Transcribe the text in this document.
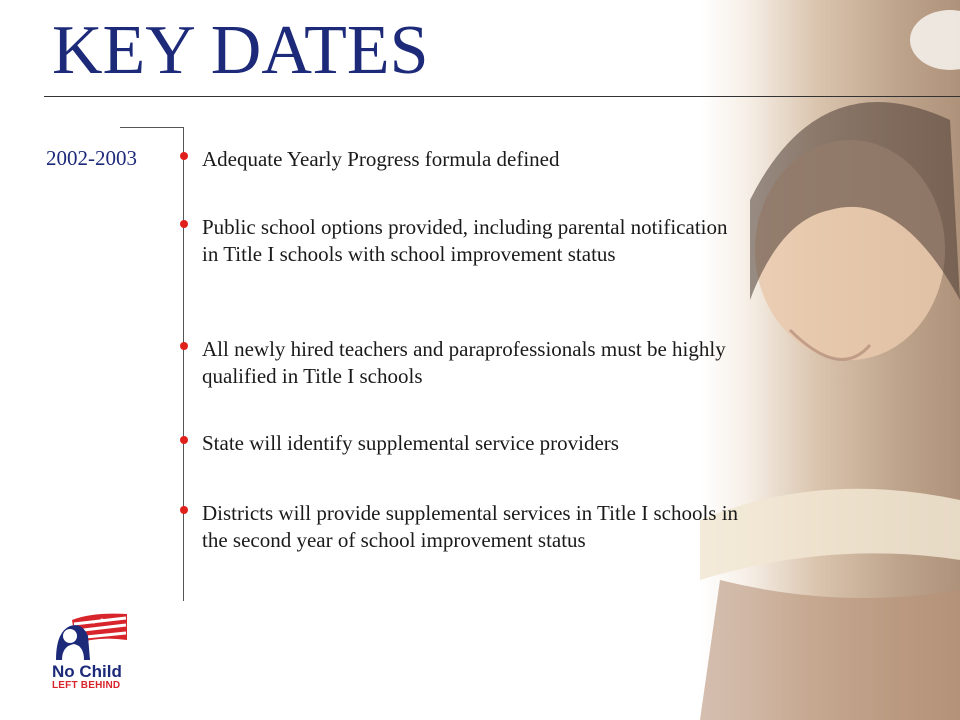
KEY DATES
2002-2003	Adequate Yearly Progress formula defined
Public school options provided, including parental notification in Title I schools with school improvement status
All newly hired teachers and paraprofessionals must be highly qualified in Title I schools
State will identify supplemental service providers
Districts will provide supplemental services in Title I schools in the second year of school improvement status
No Child
LEFT BEHIND
